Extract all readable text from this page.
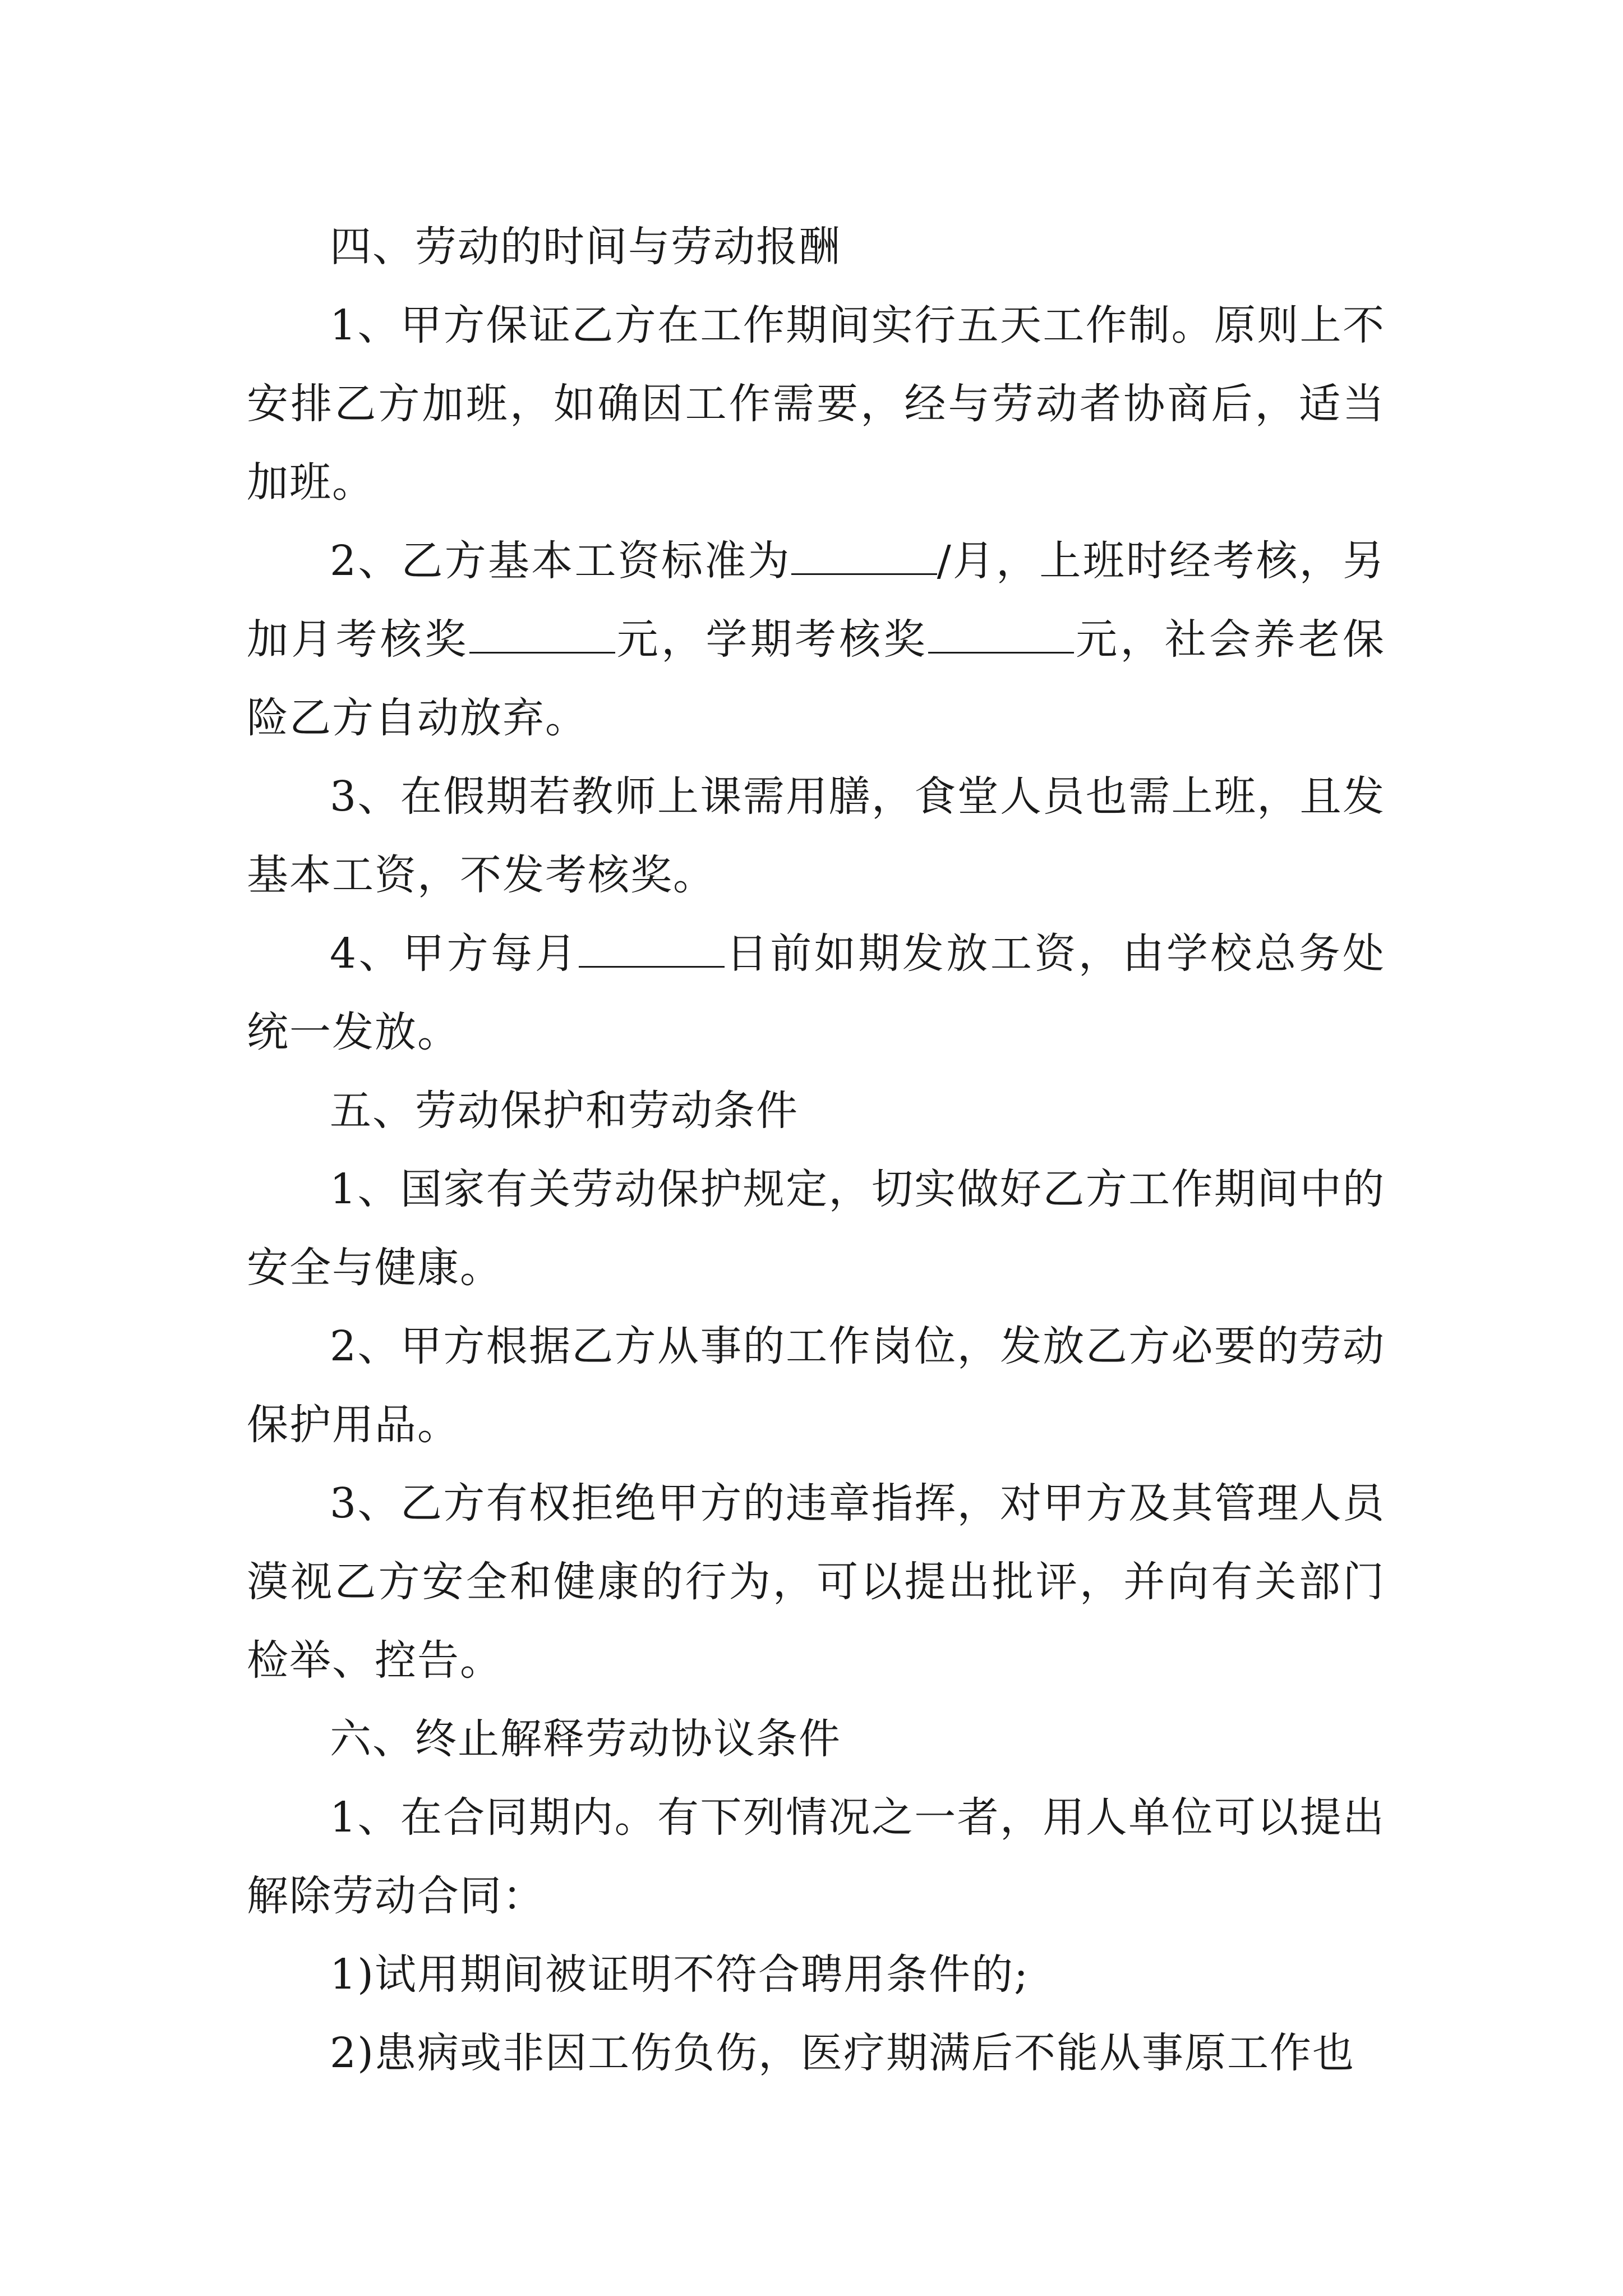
四、劳动的时间与劳动报酬

1、甲方保证乙方在工作期间实行五天工作制。原则上不安排乙方加班，如确因工作需要，经与劳动者协商后，适当加班。

2、乙方基本工资标准为	/月，上班时经考核，另加月考核奖	元，学期考核奖	元，社会养老保险乙方自动放弃。

3、在假期若教师上课需用膳，食堂人员也需上班，且发基本工资，不发考核奖。

4、甲方每月	日前如期发放工资，由学校总务处统一发放。

五、劳动保护和劳动条件

1、国家有关劳动保护规定，切实做好乙方工作期间中的安全与健康。

2、甲方根据乙方从事的工作岗位，发放乙方必要的劳动保护用品。

3、乙方有权拒绝甲方的违章指挥，对甲方及其管理人员漠视乙方安全和健康的行为，可以提出批评，并向有关部门检举、控告。

六、终止解释劳动协议条件

1、在合同期内。有下列情况之一者，用人单位可以提出解除劳动合同：

1)试用期间被证明不符合聘用条件的;

2)患病或非因工伤负伤，医疗期满后不能从事原工作也
